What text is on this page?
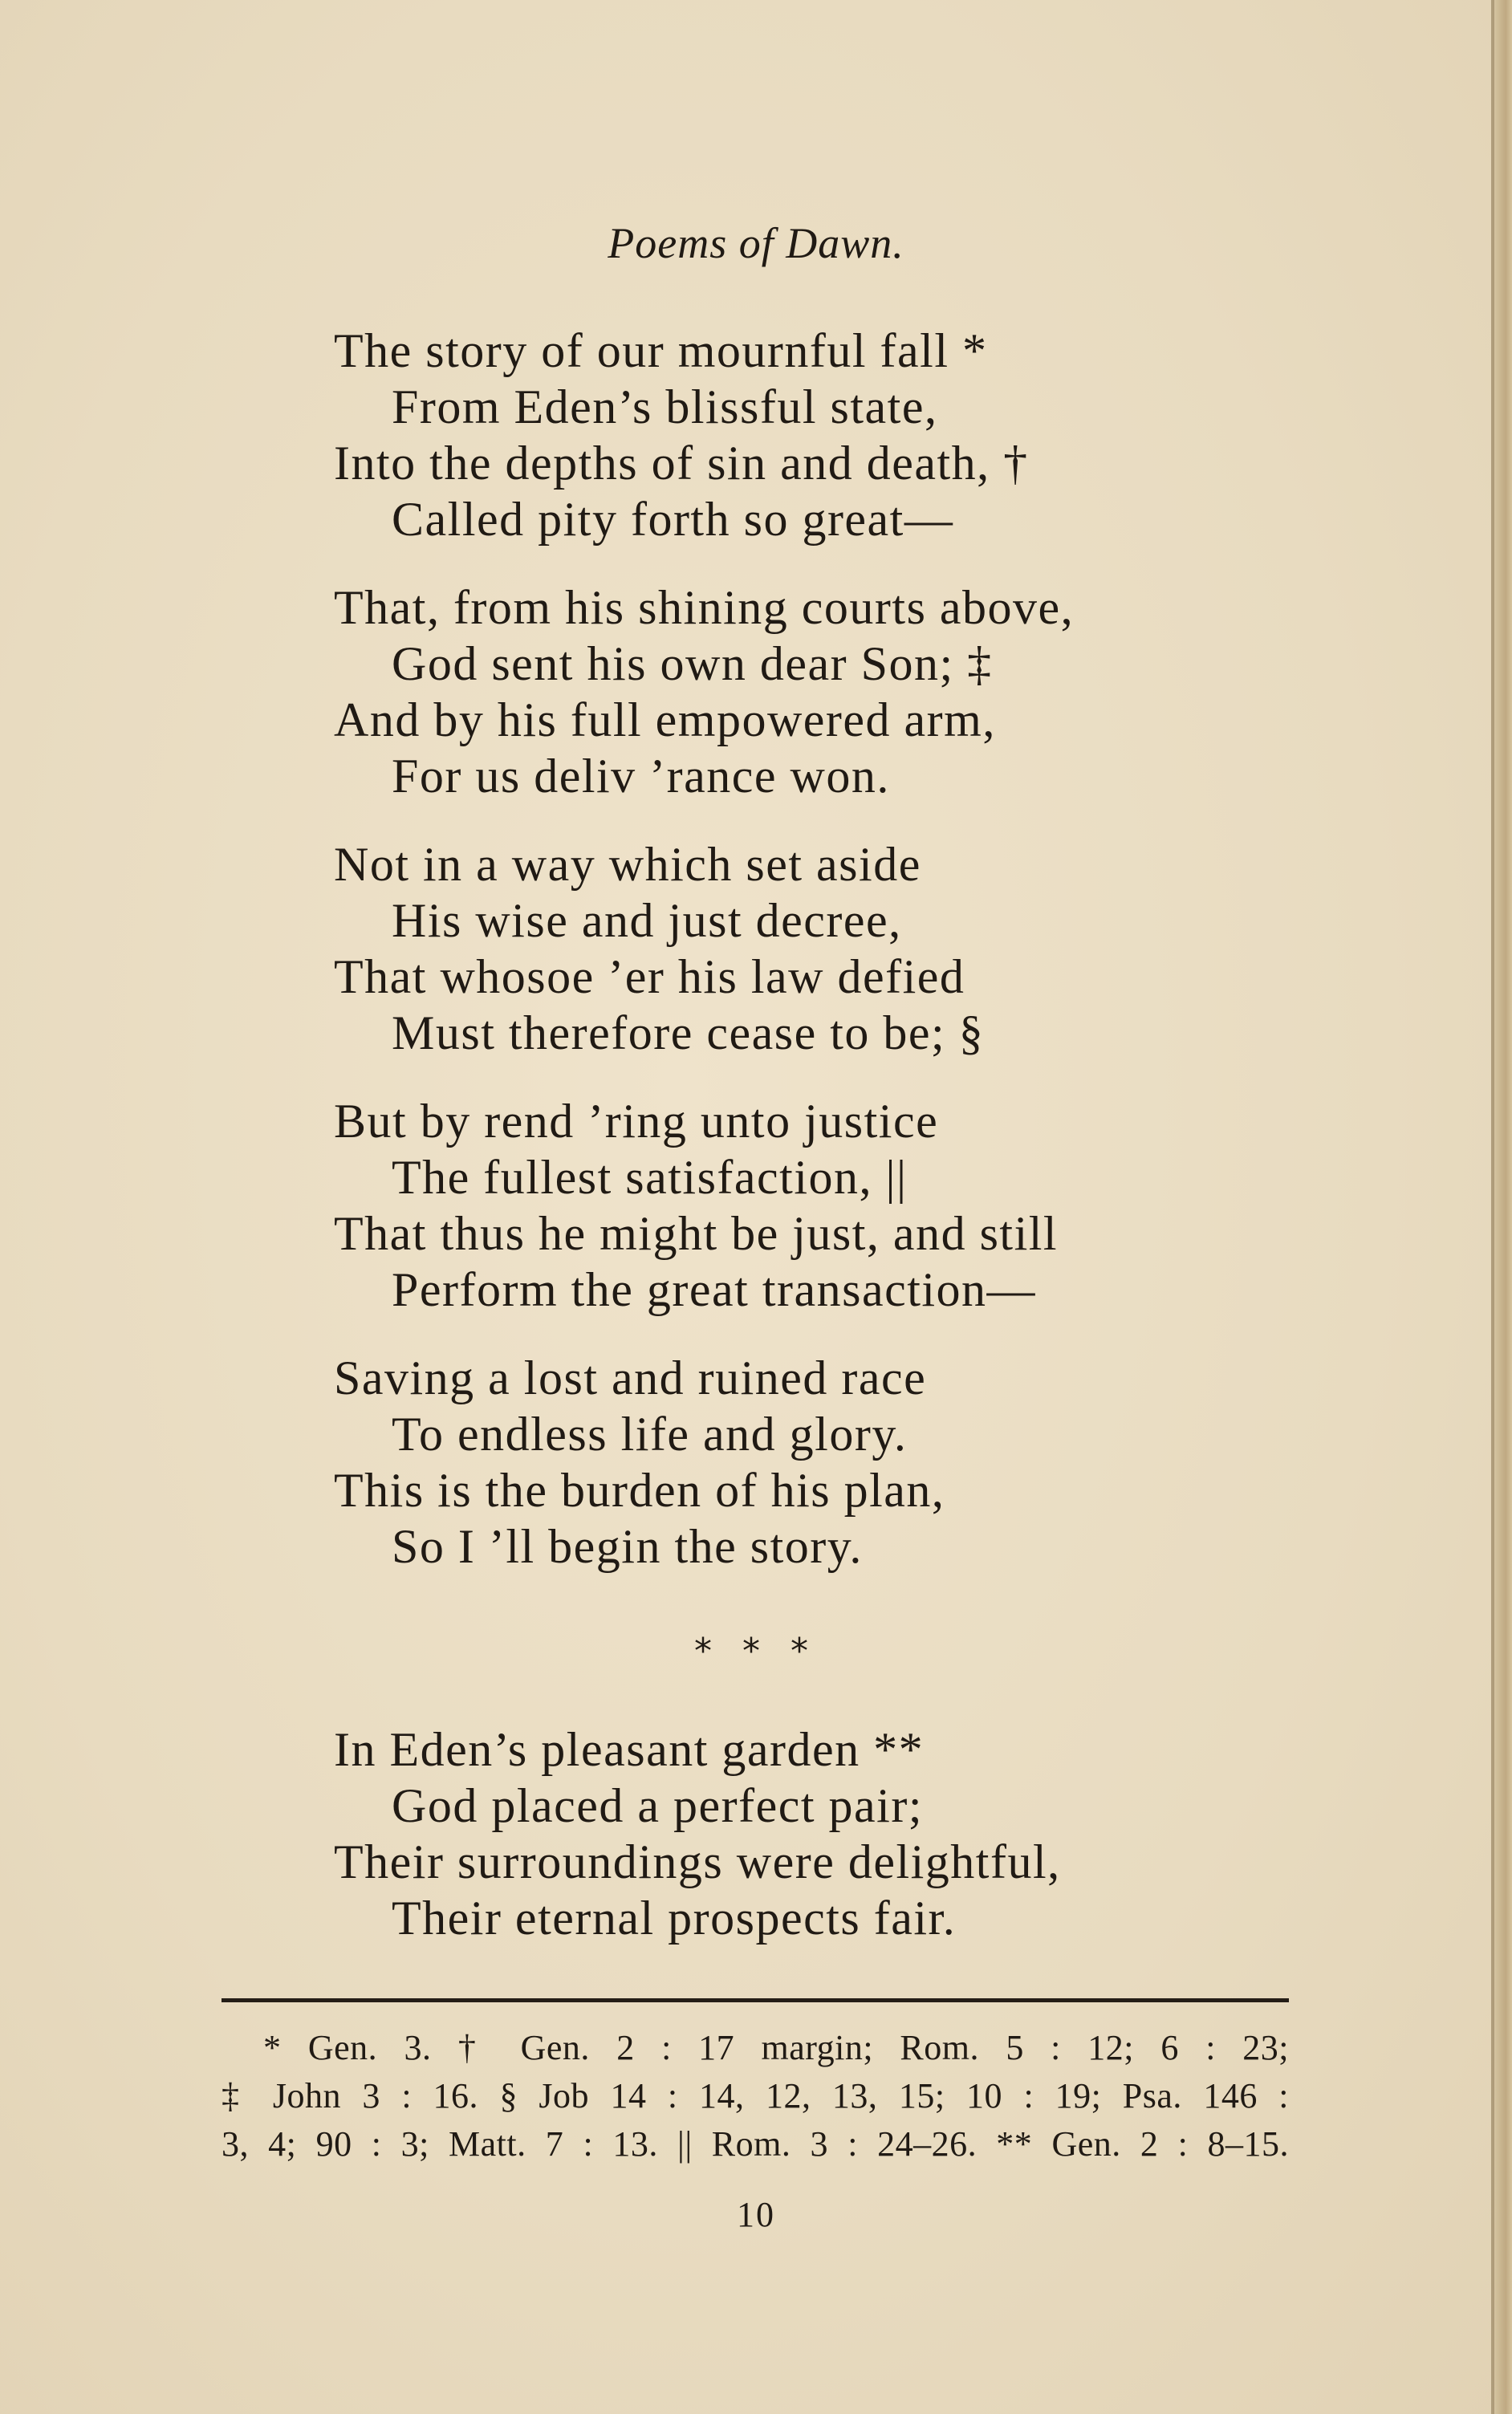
Poems of Dawn.
The story of our mournful fall *
From Eden’s blissful state,
Into the depths of sin and death, †
Called pity forth so great—
That, from his shining courts above,
God sent his own dear Son; ‡
And by his full empowered arm,
For us deliv ’rance won.
Not in a way which set aside
His wise and just decree,
That whosoe ’er his law defied
Must therefore cease to be; §
But by rend ’ring unto justice
The fullest satisfaction, ||
That thus he might be just, and still
Perform the great transaction—
Saving a lost and ruined race
To endless life and glory.
This is the burden of his plan,
So I ’ll begin the story.
* * *
In Eden’s pleasant garden **
God placed a perfect pair;
Their surroundings were delightful,
Their eternal prospects fair.
* Gen. 3. † Gen. 2 : 17 margin; Rom. 5 : 12; 6 : 23;
‡ John 3 : 16. § Job 14 : 14, 12, 13, 15; 10 : 19; Psa. 146 :
3, 4; 90 : 3; Matt. 7 : 13. || Rom. 3 : 24–26. ** Gen. 2 : 8–15.
10
